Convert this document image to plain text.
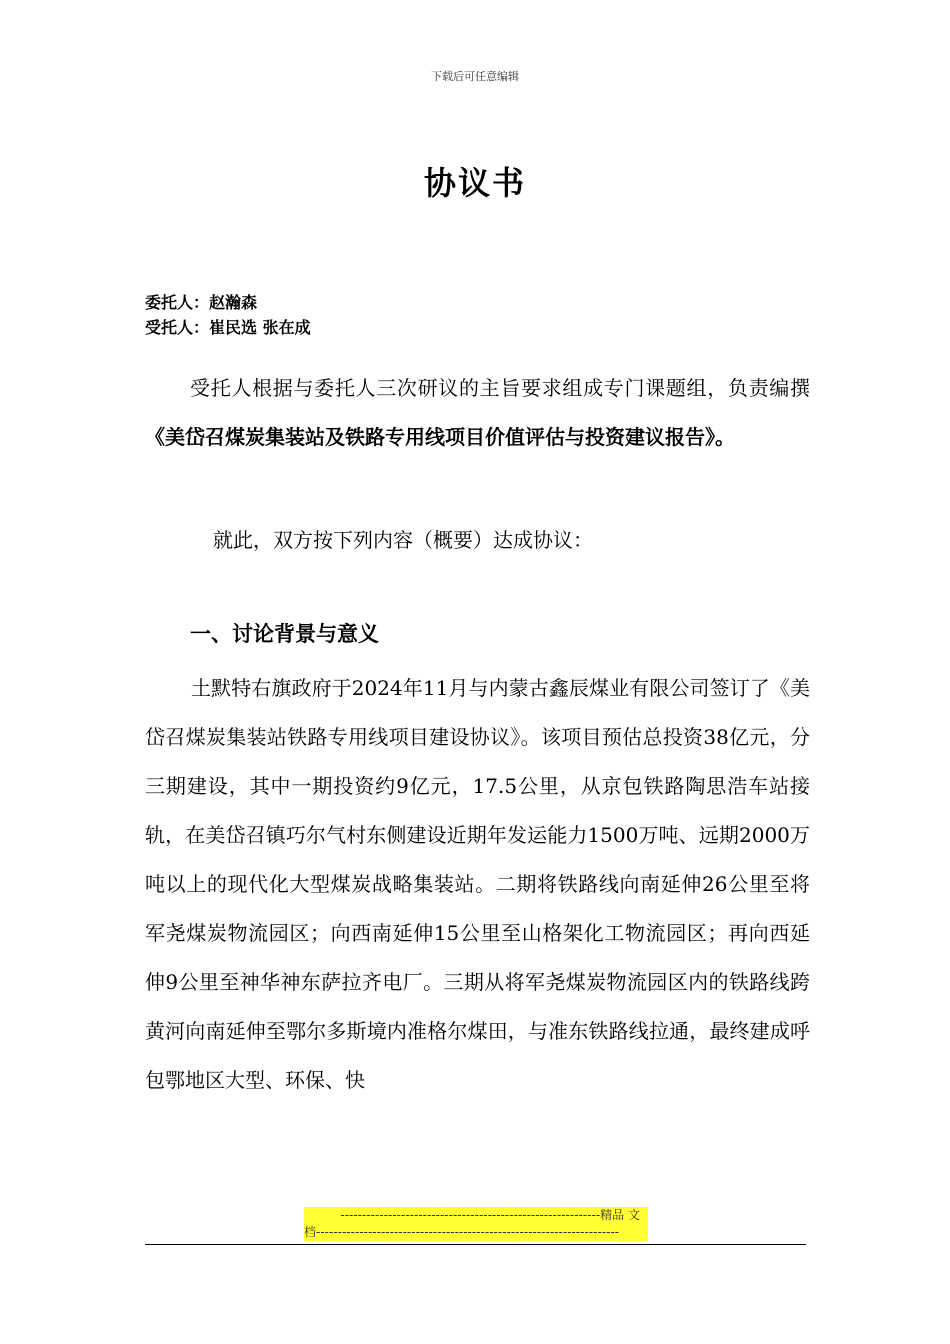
下载后可任意编辑
协议书
委托人：赵瀚森
受托人：崔民选 张在成
受托人根据与委托人三次研议的主旨要求组成专门课题组，负责编撰《美岱召煤炭集装站及铁路专用线项目价值评估与投资建议报告》。
就此，双方按下列内容（概要）达成协议：
一、讨论背景与意义
土默特右旗政府于2024年11月与内蒙古鑫辰煤业有限公司签订了《美岱召煤炭集装站铁路专用线项目建设协议》。该项目预估总投资38亿元，分三期建设，其中一期投资约9亿元，17.5公里，从京包铁路陶思浩车站接轨，在美岱召镇巧尔气村东侧建设近期年发运能力1500万吨、远期2000万吨以上的现代化大型煤炭战略集装站。二期将铁路线向南延伸26公里至将军尧煤炭物流园区；向西南延伸15公里至山格架化工物流园区；再向西延伸9公里至神华神东萨拉齐电厂。三期从将军尧煤炭物流园区内的铁路线跨黄河向南延伸至鄂尔多斯境内准格尔煤田，与准东铁路线拉通，最终建成呼包鄂地区大型、环保、快
------------------------------------------------------------精品 文
档----------------------------------------------------------------------
